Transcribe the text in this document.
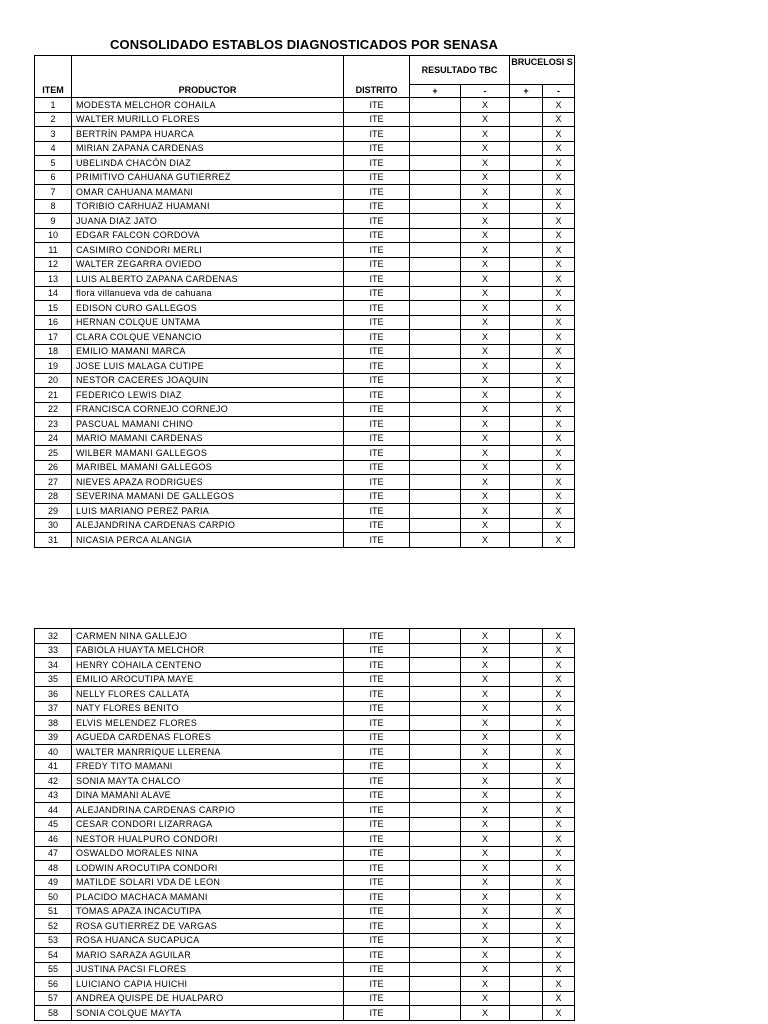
CONSOLIDADO ESTABLOS DIAGNOSTICADOS POR SENASA
			RESULTADO TBC		BRUCELOSI S	
ITEM	PRODUCTOR	DISTRITO	+	-	+	-
1	MODESTA MELCHOR COHAILA	ITE		X		X
2	WALTER MURILLO FLORES	ITE		X		X
3	BERTRÍN PAMPA HUARCA	ITE		X		X
4	MIRIAN ZAPANA CARDENAS	ITE		X		X
5	UBELINDA CHACÓN DIAZ	ITE		X		X
6	PRIMITIVO CAHUANA GUTIERREZ	ITE		X		X
7	OMAR CAHUANA MAMANI	ITE		X		X
8	TORIBIO CARHUAZ HUAMANI	ITE		X		X
9	JUANA DIAZ JATO	ITE		X		X
10	EDGAR FALCON CORDOVA	ITE		X		X
11	CASIMIRO CONDORI MERLI	ITE		X		X
12	WALTER ZEGARRA OVIEDO	ITE		X		X
13	LUIS ALBERTO ZAPANA CARDENAS	ITE		X		X
14	flora villanueva vda de cahuana	ITE		X		X
15	EDISON CURO GALLEGOS	ITE		X		X
16	HERNAN COLQUE UNTAMA	ITE		X		X
17	CLARA COLQUE VENANCIO	ITE		X		X
18	EMILIO MAMANI MARCA	ITE		X		X
19	JOSE LUIS MALAGA CUTIPE	ITE		X		X
20	NESTOR CACERES JOAQUIN	ITE		X		X
21	FEDERICO LEWIS DIAZ	ITE		X		X
22	FRANCISCA CORNEJO CORNEJO	ITE		X		X
23	PASCUAL MAMANI CHINO	ITE		X		X
24	MARIO MAMANI CARDENAS	ITE		X		X
25	WILBER MAMANI GALLEGOS	ITE		X		X
26	MARIBEL MAMANI GALLEGOS	ITE		X		X
27	NIEVES APAZA RODRIGUES	ITE		X		X
28	SEVERINA MAMANI DE GALLEGOS	ITE		X		X
29	LUIS MARIANO PEREZ PARIA	ITE		X		X
30	ALEJANDRINA CARDENAS CARPIO	ITE		X		X
31	NICASIA PERCA ALANGIA	ITE		X		X
32	CARMEN NINA GALLEJO	ITE		X		X
33	FABIOLA HUAYTA MELCHOR	ITE		X		X
34	HENRY COHAILA CENTENO	ITE		X		X
35	EMILIO AROCUTIPA MAYE	ITE		X		X
36	NELLY FLORES CALLATA	ITE		X		X
37	NATY FLORES BENITO	ITE		X		X
38	ELVIS MELENDEZ FLORES	ITE		X		X
39	AGUEDA CARDENAS FLORES	ITE		X		X
40	WALTER MANRRIQUE LLERENA	ITE		X		X
41	FREDY TITO MAMANI	ITE		X		X
42	SONIA MAYTA CHALCO	ITE		X		X
43	DINA MAMANI ALAVE	ITE		X		X
44	ALEJANDRINA CARDENAS CARPIO	ITE		X		X
45	CESAR CONDORI LIZARRAGA	ITE		X		X
46	NESTOR HUALPURO CONDORI	ITE		X		X
47	OSWALDO MORALES NINA	ITE		X		X
48	LODWIN AROCUTIPA CONDORI	ITE		X		X
49	MATILDE SOLARI VDA DE LEON	ITE		X		X
50	PLACIDO MACHACA MAMANI	ITE		X		X
51	TOMAS APAZA INCACUTIPA	ITE		X		X
52	ROSA GUTIERREZ DE VARGAS	ITE		X		X
53	ROSA HUANCA SUCAPUCA	ITE		X		X
54	MARIO SARAZA AGUILAR	ITE		X		X
55	JUSTINA PACSI FLORES	ITE		X		X
56	LUICIANO CAPIA HUICHI	ITE		X		X
57	ANDREA QUISPE DE HUALPARO	ITE		X		X
58	SONIA COLQUE MAYTA	ITE		X		X
